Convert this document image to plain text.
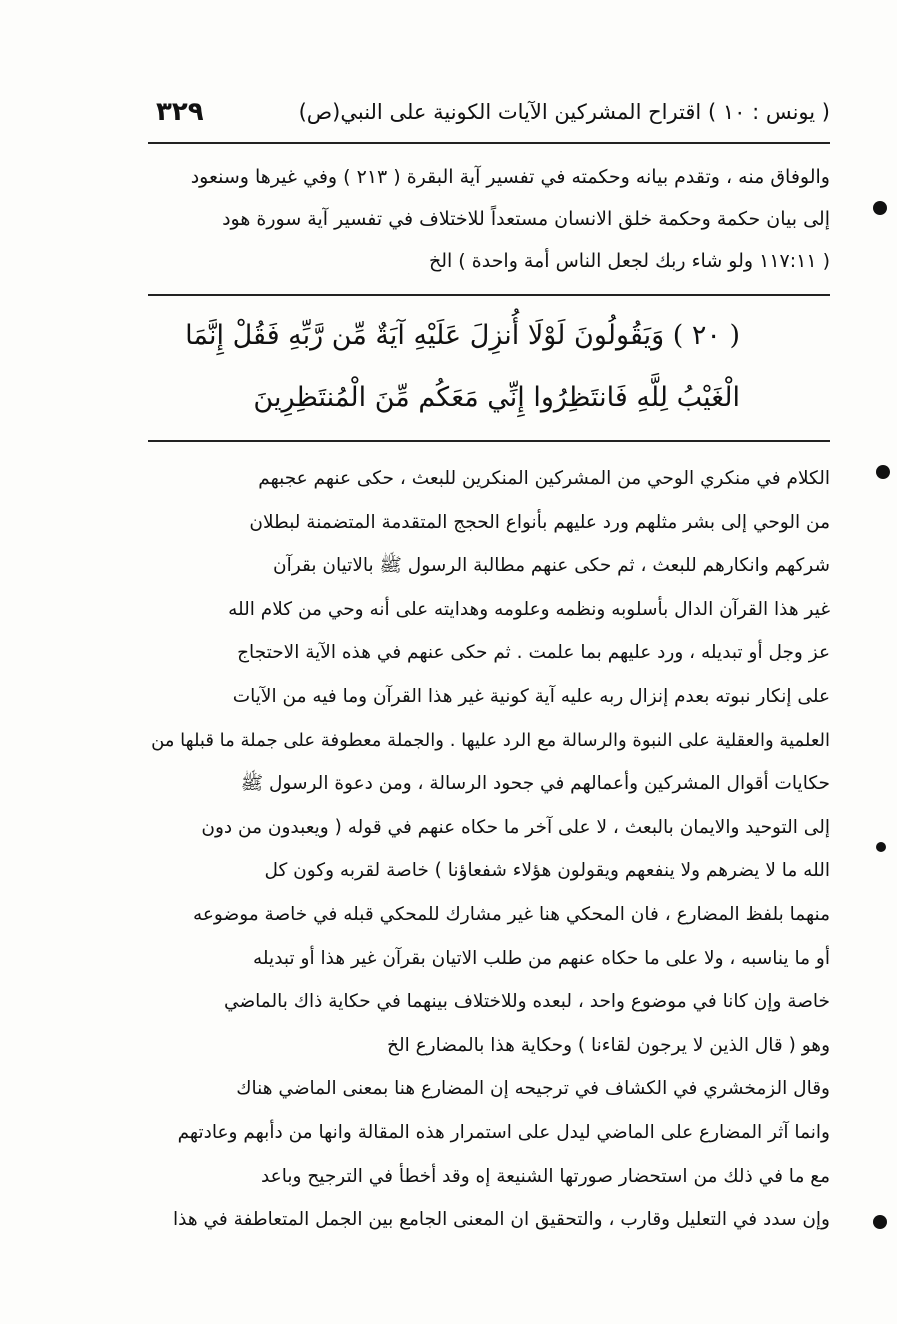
( يونس : ١٠ ) اقتراح المشركين الآيات الكونية على النبي(ص)
٣٢٩
والوفاق منه ، وتقدم بيانه وحكمته في تفسير آية البقرة ( ٢١٣ ) وفي غيرها وسنعود
إلى بيان حكمة وحكمة خلق الانسان مستعداً للاختلاف في تفسير آية سورة هود
( ١١٧:١١ ولو شاء ربك لجعل الناس أمة واحدة ) الخ
( ٢٠ ) وَيَقُولُونَ لَوْلَا أُنزِلَ عَلَيْهِ آيَةٌ مِّن رَّبِّهِ فَقُلْ إِنَّمَا
الْغَيْبُ لِلَّهِ فَانتَظِرُوا إِنِّي مَعَكُم مِّنَ الْمُنتَظِرِينَ
الكلام في منكري الوحي من المشركين المنكرين للبعث ، حكى عنهم عجبهم
من الوحي إلى بشر مثلهم ورد عليهم بأنواع الحجج المتقدمة المتضمنة لبطلان
شركهم وانكارهم للبعث ، ثم حكى عنهم مطالبة الرسول ﷺ بالاتيان بقرآن
غير هذا القرآن الدال بأسلوبه ونظمه وعلومه وهدايته على أنه وحي من كلام الله
عز وجل أو تبديله ، ورد عليهم بما علمت . ثم حكى عنهم في هذه الآية الاحتجاج
على إنكار نبوته بعدم إنزال ربه عليه آية كونية غير هذا القرآن وما فيه من الآيات
العلمية والعقلية على النبوة والرسالة مع الرد عليها . والجملة معطوفة على جملة ما قبلها من
حكايات أقوال المشركين وأعمالهم في جحود الرسالة ، ومن دعوة الرسول ﷺ
إلى التوحيد والايمان بالبعث ، لا على آخر ما حكاه عنهم في قوله ( ويعبدون من دون
الله ما لا يضرهم ولا ينفعهم ويقولون هؤلاء شفعاؤنا ) خاصة لقربه وكون كل
منهما بلفظ المضارع ، فان المحكي هنا غير مشارك للمحكي قبله في خاصة موضوعه
أو ما يناسبه ، ولا على ما حكاه عنهم من طلب الاتيان بقرآن غير هذا أو تبديله
خاصة وإن كانا في موضوع واحد ، لبعده وللاختلاف بينهما في حكاية ذاك بالماضي
وهو ( قال الذين لا يرجون لقاءنا ) وحكاية هذا بالمضارع الخ
وقال الزمخشري في الكشاف في ترجيحه إن المضارع هنا بمعنى الماضي هناك
وانما آثر المضارع على الماضي ليدل على استمرار هذه المقالة وانها من دأبهم وعادتهم
مع ما في ذلك من استحضار صورتها الشنيعة إه وقد أخطأ في الترجيح وباعد
وإن سدد في التعليل وقارب ، والتحقيق ان المعنى الجامع بين الجمل المتعاطفة في هذا
